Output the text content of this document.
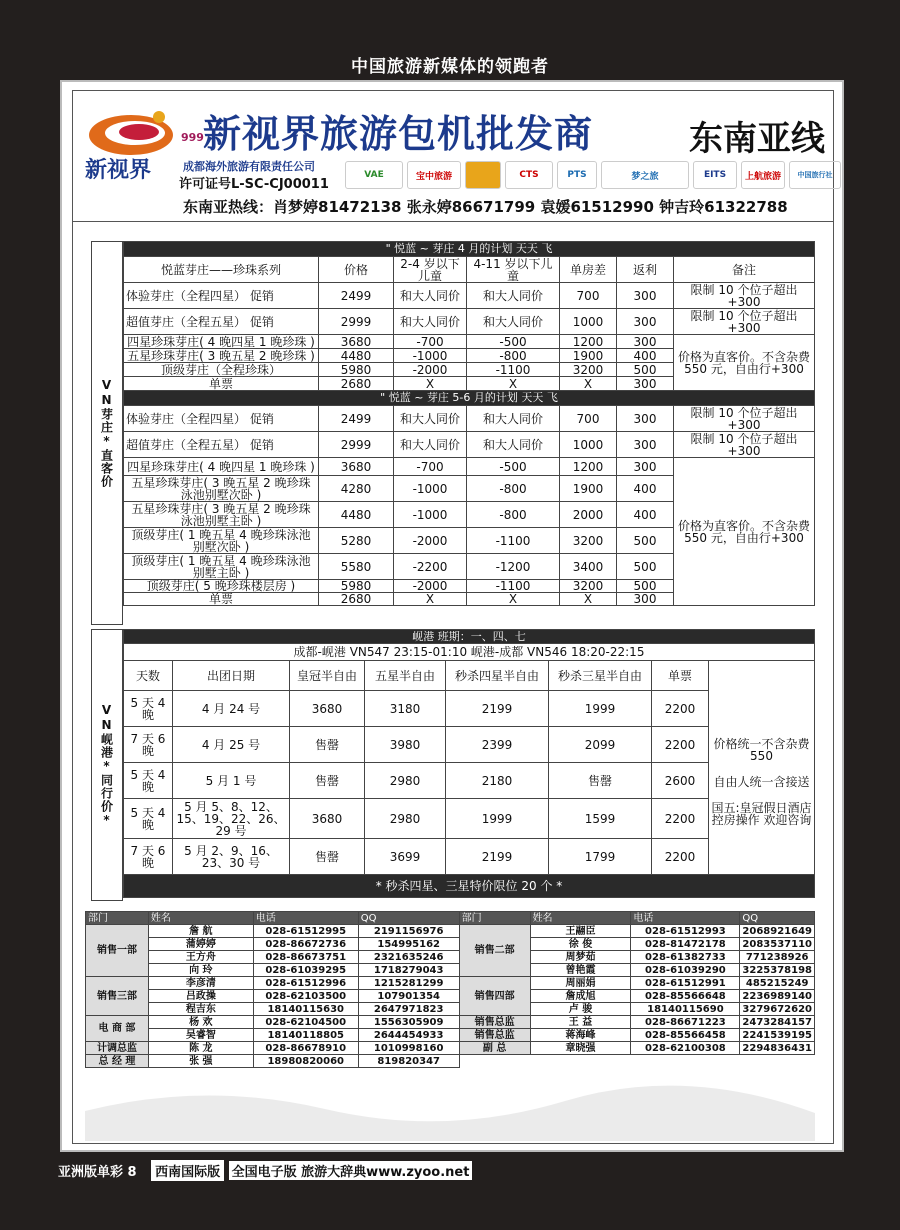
中国旅游新媒体的领跑者
新视界
999 新视界旅游包机批发商	东南亚线
成都海外旅游有限责任公司
许可证号L-SC-CJ00011
VAE	宝中旅游	CTS	PTS	梦之旅	EITS	上航旅游	中国旅行社
东南亚热线：肖梦婷81472138 张永婷86671799 袁媛61512990 钟吉玲61322788
VN芽庄*直客价
" 悦蓝 ~ 芽庄 4 月的计划 天天 飞						
悦蓝芽庄——珍珠系列	价格	2-4 岁以下儿童	4-11 岁以下儿童	单房差	返利	备注
体验芽庄（全程四星） 促销	2499	和大人同价	和大人同价	700	300	限制 10 个位子超出+300
超值芽庄（全程五星） 促销	2999	和大人同价	和大人同价	1000	300	限制 10 个位子超出+300
四星珍珠芽庄( 4 晚四星 1 晚珍珠 )	3680	-700	-500	1200	300	价格为直客价。不含杂费 550 元，自由行+300
五星珍珠芽庄( 3 晚五星 2 晚珍珠 )	4480	-1000	-800	1900	400	
顶级芽庄（全程珍珠）	5980	-2000	-1100	3200	500	
单票	2680	X	X	X	300	
" 悦蓝 ~ 芽庄 5-6 月的计划 天天 飞						
体验芽庄（全程四星） 促销	2499	和大人同价	和大人同价	700	300	限制 10 个位子超出+300
超值芽庄（全程五星） 促销	2999	和大人同价	和大人同价	1000	300	限制 10 个位子超出+300
四星珍珠芽庄( 4 晚四星 1 晚珍珠 )	3680	-700	-500	1200	300	价格为直客价。不含杂费 550 元，自由行+300
五星珍珠芽庄( 3 晚五星 2 晚珍珠泳池别墅次卧 )	4280	-1000	-800	1900	400	
五星珍珠芽庄( 3 晚五星 2 晚珍珠泳池别墅主卧 )	4480	-1000	-800	2000	400	
顶级芽庄( 1 晚五星 4 晚珍珠泳池别墅次卧 )	5280	-2000	-1100	3200	500	
顶级芽庄( 1 晚五星 4 晚珍珠泳池别墅主卧 )	5580	-2200	-1200	3400	500	
顶级芽庄( 5 晚珍珠楼层房 )	5980	-2000	-1100	3200	500	
单票	2680	X	X	X	300	
VN岘港*同行价*
岘港 班期：一、四、七							
成都-岘港 VN547 23:15-01:10 岘港-成都 VN546 18:20-22:15							
天数	出团日期	皇冠半自由	五星半自由	秒杀四星半自由	秒杀三星半自由	单票	
5 天 4 晚	4 月 24 号	3680	3180	2199	1999	2200	价格统一不含杂费 550
自由人统一含接送
国五:皇冠假日酒店控房操作 欢迎咨询

7 天 6 晚	4 月 25 号	售罄	3980	2399	2099	2200	
5 天 4 晚	5 月 1 号	售罄	2980	2180	售罄	2600	
5 天 4 晚	5 月 5、8、12、15、19、22、26、29 号	3680	2980	1999	1599	2200	
7 天 6 晚	5 月 2、9、16、23、30 号	售罄	3699	2199	1799	2200	
* 秒杀四星、三星特价限位 20 个 *							
部门	姓名	电话	QQ	部门	姓名	电话	QQ
销售一部	詹 航	028-61512995	2191156976	销售二部	王翮臣	028-61512993	2068921649
	蒲婷婷	028-86672736	154995162		徐 俊	028-81472178	2083537110
	王方舟	028-86673751	2321635246		周梦茹	028-61382733	771238926
	向 玲	028-61039295	1718279043		曾艳霞	028-61039290	3225378198
销售三部	李彦清	028-61512996	1215281299	销售四部	周丽娟	028-61512991	485215249
	吕政操	028-62103500	107901354		詹成旭	028-85566648	2236989140
	程吉东	18140115630	2647971823		卢 骏	18140115690	3279672620
电 商 部	杨 欢	028-62104500	1556305909	销售总监	王 益	028-86671223	2473284157
	吴睿智	18140118805	2644454933	销售总监	蒋海峰	028-85566458	2241539195
计调总监	陈 龙	028-86678910	1010998160	副 总	章晓强	028-62100308	2294836431
总 经 理	张 强	18980820060	819820347				
亚洲版单彩 8 西南国际版 全国电子版 旅游大辞典www.zyoo.net
